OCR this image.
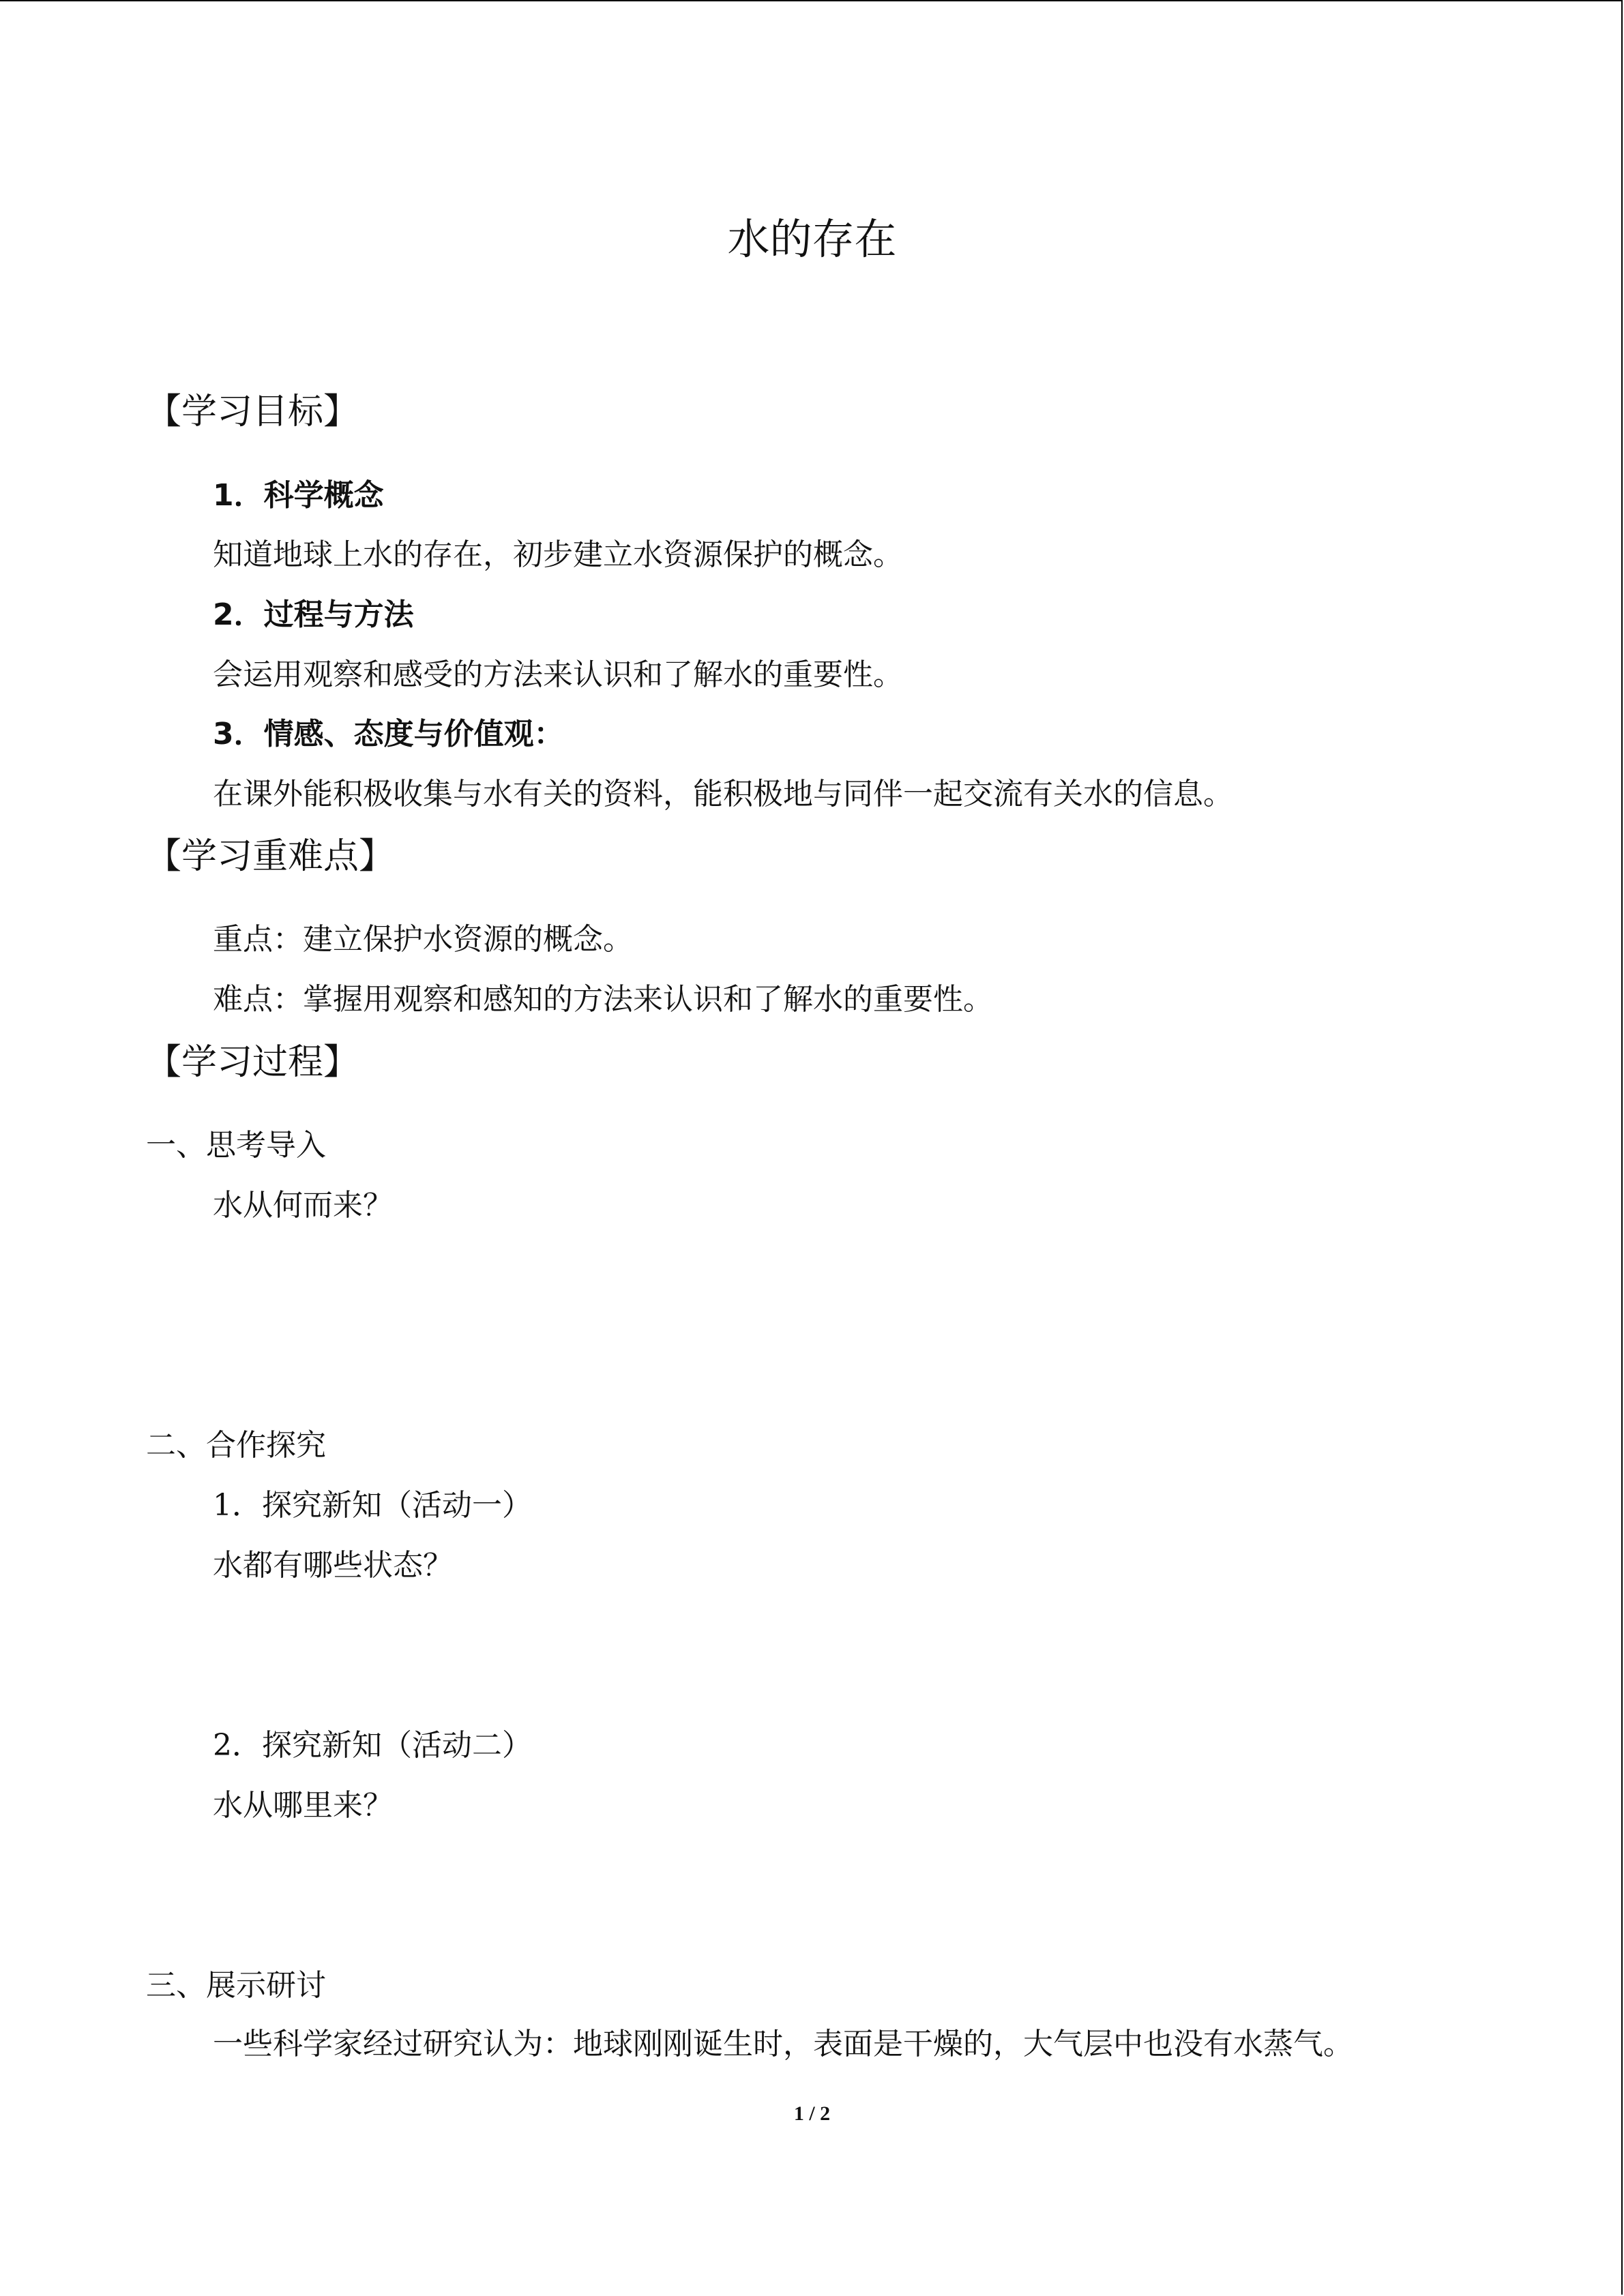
水的存在
【学习目标】
1．科学概念
知道地球上水的存在，初步建立水资源保护的概念。
2．过程与方法
会运用观察和感受的方法来认识和了解水的重要性。
3．情感、态度与价值观：
在课外能积极收集与水有关的资料，能积极地与同伴一起交流有关水的信息。
【学习重难点】
重点：建立保护水资源的概念。
难点：掌握用观察和感知的方法来认识和了解水的重要性。
【学习过程】
一、思考导入
水从何而来？
二、合作探究
1．探究新知（活动一）
水都有哪些状态？
2．探究新知（活动二）
水从哪里来？
三、展示研讨
一些科学家经过研究认为：地球刚刚诞生时，表面是干燥的，大气层中也没有水蒸气。
1 / 2
